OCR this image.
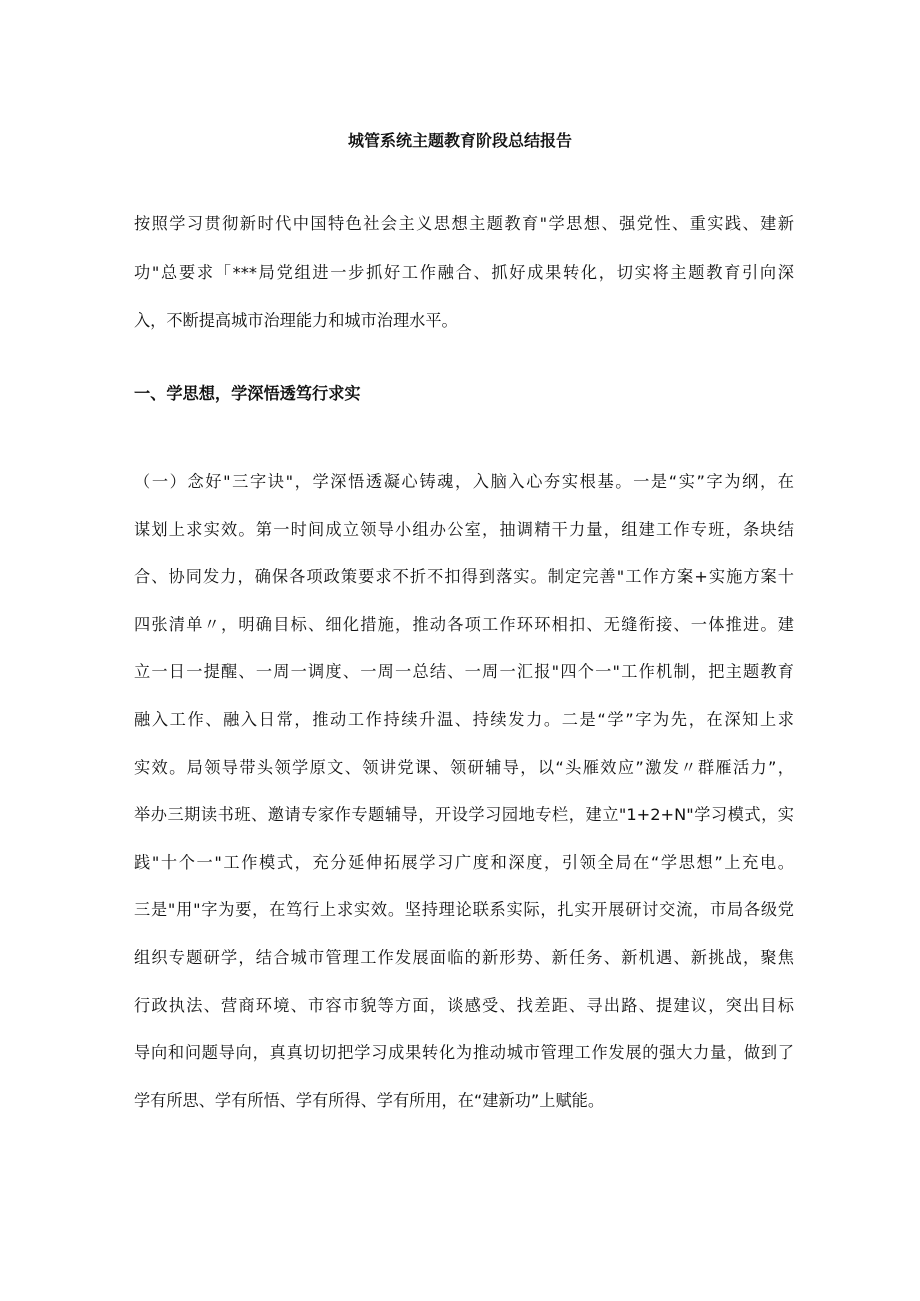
城管系统主题教育阶段总结报告

按照学习贯彻新时代中国特色社会主义思想主题教育"学思想、强党性、重实践、建新
功"总要求「***局党组进一步抓好工作融合、抓好成果转化，切实将主题教育引向深
入，不断提高城市治理能力和城市治理水平。

一、学思想，学深悟透笃行求实

（一）念好"三字诀"，学深悟透凝心铸魂，入脑入心夯实根基。一是“实”字为纲，在
谋划上求实效。第一时间成立领导小组办公室，抽调精干力量，组建工作专班，条块结
合、协同发力，确保各项政策要求不折不扣得到落实。制定完善"工作方案+实施方案十
四张清单〃，明确目标、细化措施，推动各项工作环环相扣、无缝衔接、一体推进。建
立一日一提醒、一周一调度、一周一总结、一周一汇报"四个一"工作机制，把主题教育
融入工作、融入日常，推动工作持续升温、持续发力。二是“学”字为先，在深知上求
实效。局领导带头领学原文、领讲党课、领研辅导，以“头雁效应”激发〃群雁活力”，
举办三期读书班、邀请专家作专题辅导，开设学习园地专栏，建立"1+2+N"学习模式，实
践"十个一"工作模式，充分延伸拓展学习广度和深度，引领全局在“学思想”上充电。
三是"用"字为要，在笃行上求实效。坚持理论联系实际，扎实开展研讨交流，市局各级党
组织专题研学，结合城市管理工作发展面临的新形势、新任务、新机遇、新挑战，聚焦
行政执法、营商环境、市容市貌等方面，谈感受、找差距、寻出路、提建议，突出目标
导向和问题导向，真真切切把学习成果转化为推动城市管理工作发展的强大力量，做到了
学有所思、学有所悟、学有所得、学有所用，在“建新功”上赋能。
